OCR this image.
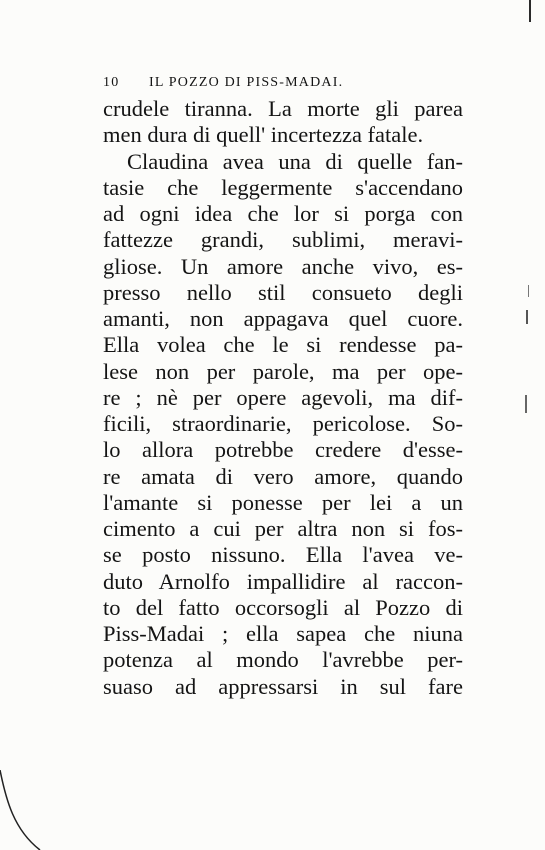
10 IL POZZO DI PISS-MADAI.
crudele tiranna. La morte gli parea
men dura di quell' incertezza fatale.
Claudina avea una di quelle fan-
tasie che leggermente s'accendano
ad ogni idea che lor si porga con
fattezze grandi, sublimi, meravi-
gliose. Un amore anche vivo, es-
presso nello stil consueto degli
amanti, non appagava quel cuore.
Ella volea che le si rendesse pa-
lese non per parole, ma per ope-
re ; nè per opere agevoli, ma dif-
ficili, straordinarie, pericolose. So-
lo allora potrebbe credere d'esse-
re amata di vero amore, quando
l'amante si ponesse per lei a un
cimento a cui per altra non si fos-
se posto nissuno. Ella l'avea ve-
duto Arnolfo impallidire al raccon-
to del fatto occorsogli al Pozzo di
Piss-Madai ; ella sapea che niuna
potenza al mondo l'avrebbe per-
suaso ad appressarsi in sul fare
